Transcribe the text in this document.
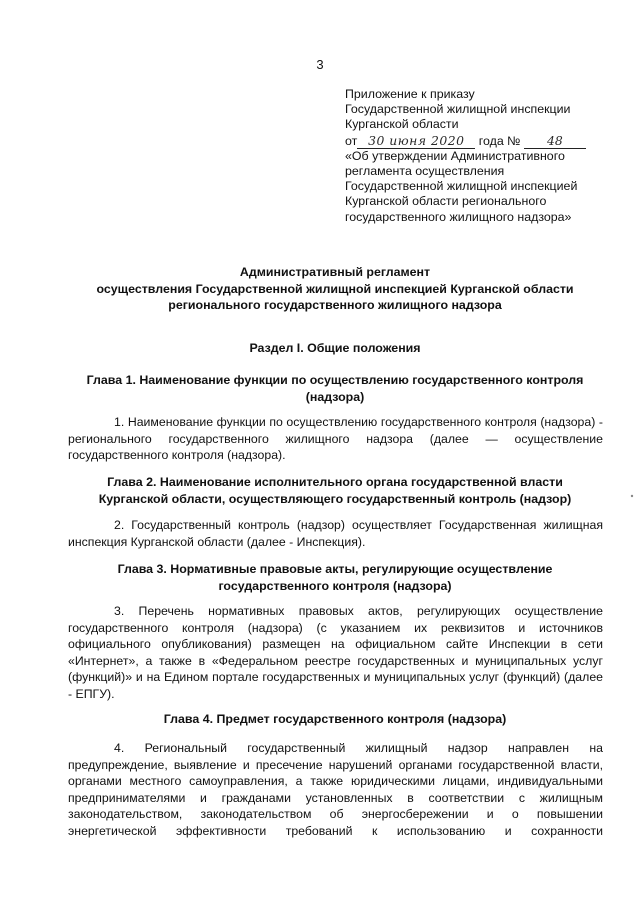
3
Приложение к приказу
Государственной жилищной инспекции
Курганской области
от 30 июня 2020 года № 48
«Об утверждении Административного
регламента осуществления
Государственной жилищной инспекцией
Курганской области регионального
государственного жилищного надзора»
Административный регламент
осуществления Государственной жилищной инспекцией Курганской области
регионального государственного жилищного надзора
Раздел I. Общие положения
Глава 1. Наименование функции по осуществлению государственного контроля
(надзора)
1. Наименование функции по осуществлению государственного контроля (надзора) - регионального государственного жилищного надзора (далее — осуществление государственного контроля (надзора).
Глава 2. Наименование исполнительного органа государственной власти
Курганской области, осуществляющего государственный контроль (надзор)
2. Государственный контроль (надзор) осуществляет Государственная жилищная инспекция Курганской области (далее - Инспекция).
Глава 3. Нормативные правовые акты, регулирующие осуществление
государственного контроля (надзора)
3. Перечень нормативных правовых актов, регулирующих осуществление государственного контроля (надзора) (с указанием их реквизитов и источников официального опубликования) размещен на официальном сайте Инспекции в сети «Интернет», а также в «Федеральном реестре государственных и муниципальных услуг (функций)» и на Едином портале государственных и муниципальных услуг (функций) (далее - ЕПГУ).
Глава 4. Предмет государственного контроля (надзора)
4. Региональный государственный жилищный надзор направлен на предупреждение, выявление и пресечение нарушений органами государственной власти, органами местного самоуправления, а также юридическими лицами, индивидуальными предпринимателями и гражданами установленных в соответствии с жилищным законодательством, законодательством об энергосбережении и о повышении энергетической эффективности требований к использованию и сохранности
